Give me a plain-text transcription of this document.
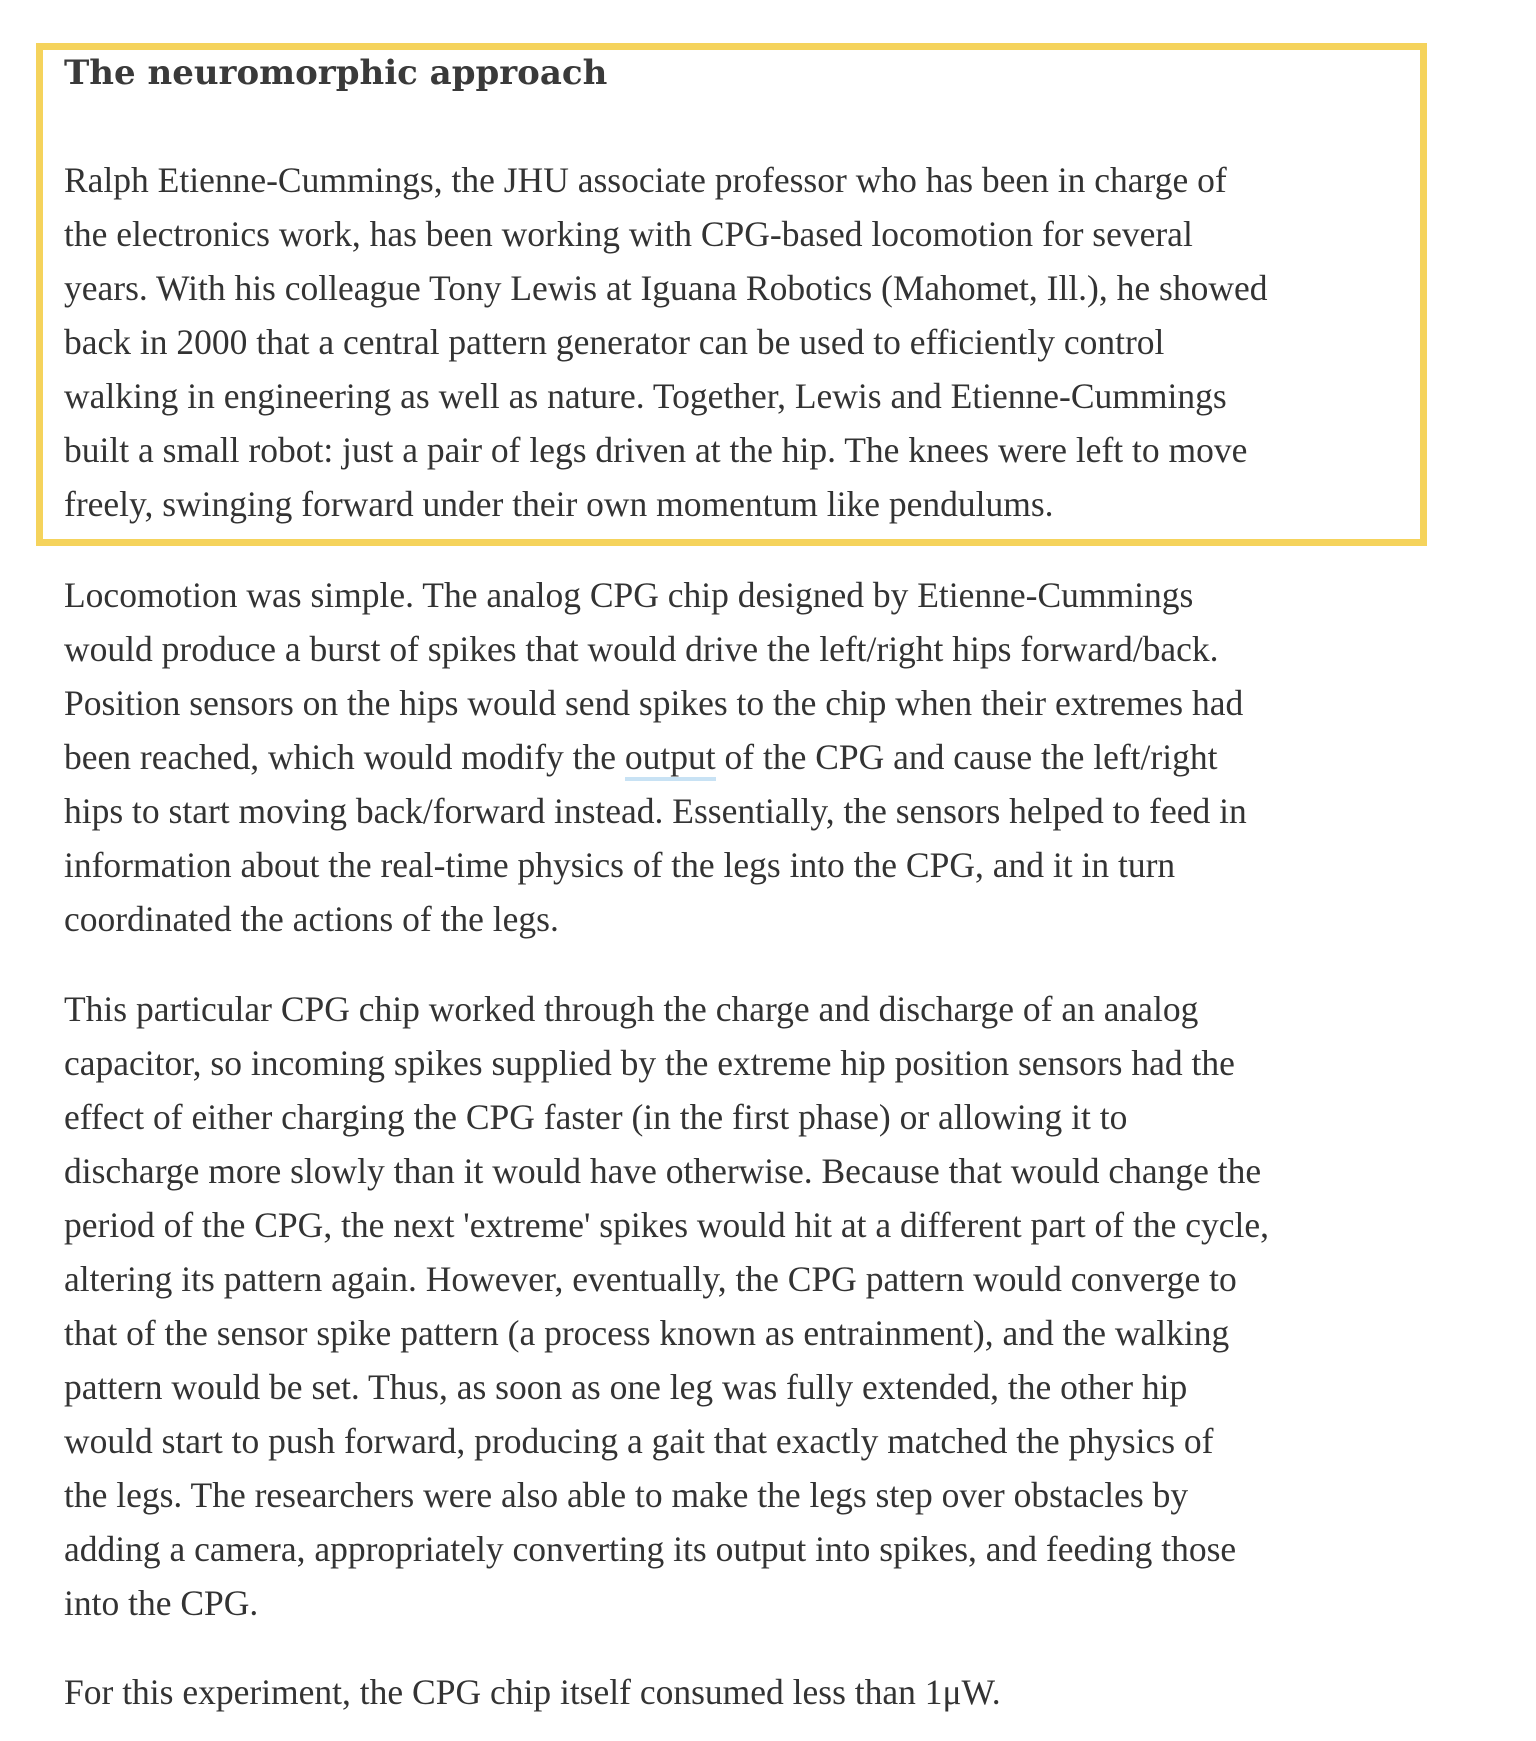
The neuromorphic approach

Ralph Etienne-Cummings, the JHU associate professor who has been in charge of
the electronics work, has been working with CPG-based locomotion for several
years. With his colleague Tony Lewis at Iguana Robotics (Mahomet, Ill.), he showed
back in 2000 that a central pattern generator can be used to efficiently control
walking in engineering as well as nature. Together, Lewis and Etienne-Cummings
built a small robot: just a pair of legs driven at the hip. The knees were left to move
freely, swinging forward under their own momentum like pendulums.

Locomotion was simple. The analog CPG chip designed by Etienne-Cummings
would produce a burst of spikes that would drive the left/right hips forward/back.
Position sensors on the hips would send spikes to the chip when their extremes had
been reached, which would modify the output of the CPG and cause the left/right
hips to start moving back/forward instead. Essentially, the sensors helped to feed in
information about the real-time physics of the legs into the CPG, and it in turn
coordinated the actions of the legs.

This particular CPG chip worked through the charge and discharge of an analog
capacitor, so incoming spikes supplied by the extreme hip position sensors had the
effect of either charging the CPG faster (in the first phase) or allowing it to
discharge more slowly than it would have otherwise. Because that would change the
period of the CPG, the next 'extreme' spikes would hit at a different part of the cycle,
altering its pattern again. However, eventually, the CPG pattern would converge to
that of the sensor spike pattern (a process known as entrainment), and the walking
pattern would be set. Thus, as soon as one leg was fully extended, the other hip
would start to push forward, producing a gait that exactly matched the physics of
the legs. The researchers were also able to make the legs step over obstacles by
adding a camera, appropriately converting its output into spikes, and feeding those
into the CPG.

For this experiment, the CPG chip itself consumed less than 1μW.
